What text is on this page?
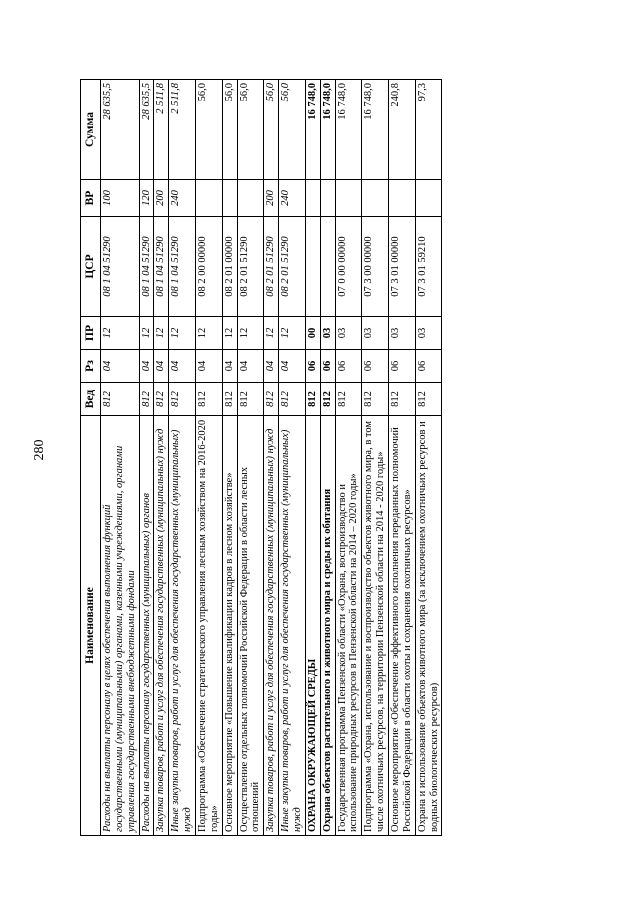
280
Наименование	Вед	Рз	ПР	ЦСР	ВР	Сумма
Расходы на выплаты персоналу в целях обеспечения выполнения функций государственными (муниципальными) органами, казенными учреждениями, органами управления государственными внебюджетными фондами	812	04	12	08 1 04 51290	100	28 635,5
Расходы на выплаты персоналу государственных (муниципальных) органов	812	04	12	08 1 04 51290	120	28 635,5
Закупка товаров, работ и услуг для обеспечения государственных (муниципальных) нужд	812	04	12	08 1 04 51290	200	2 511,8
Иные закупки товаров, работ и услуг для обеспечения государственных (муниципальных) нужд	812	04	12	08 1 04 51290	240	2 511,8
Подпрограмма «Обеспечение стратегического управления лесным хозяйством на 2016-2020 годы»	812	04	12	08 2 00 00000		56,0
Основное мероприятие «Повышение квалификации кадров в лесном хозяйстве»	812	04	12	08 2 01 00000		56,0
Осуществление отдельных полномочий Российской Федерации в области лесных отношений	812	04	12	08 2 01 51290		56,0
Закупка товаров, работ и услуг для обеспечения государственных (муниципальных) нужд	812	04	12	08 2 01 51290	200	56,0
Иные закупки товаров, работ и услуг для обеспечения государственных (муниципальных) нужд	812	04	12	08 2 01 51290	240	56,0
ОХРАНА ОКРУЖАЮЩЕЙ СРЕДЫ	812	06	00			16 748,0
Охрана объектов растительного и животного мира и среды их обитания	812	06	03			16 748,0
Государственная программа Пензенской области «Охрана, воспроизводство и использование природных ресурсов в Пензенской области на 2014 – 2020 годы»	812	06	03	07 0 00 00000		16 748,0
Подпрограмма «Охрана, использование и воспроизводство объектов животного мира, в том числе охотничьих ресурсов, на территории Пензенской области на 2014 - 2020 годы»	812	06	03	07 3 00 00000		16 748,0
Основное мероприятие «Обеспечение эффективного исполнения переданных полномочий Российской Федерации в области охоты и сохранения охотничьих ресурсов»	812	06	03	07 3 01 00000		240,8
Охрана и использование объектов животного мира (за исключением охотничьих ресурсов и водных биологических ресурсов)	812	06	03	07 3 01 59210		97,3
